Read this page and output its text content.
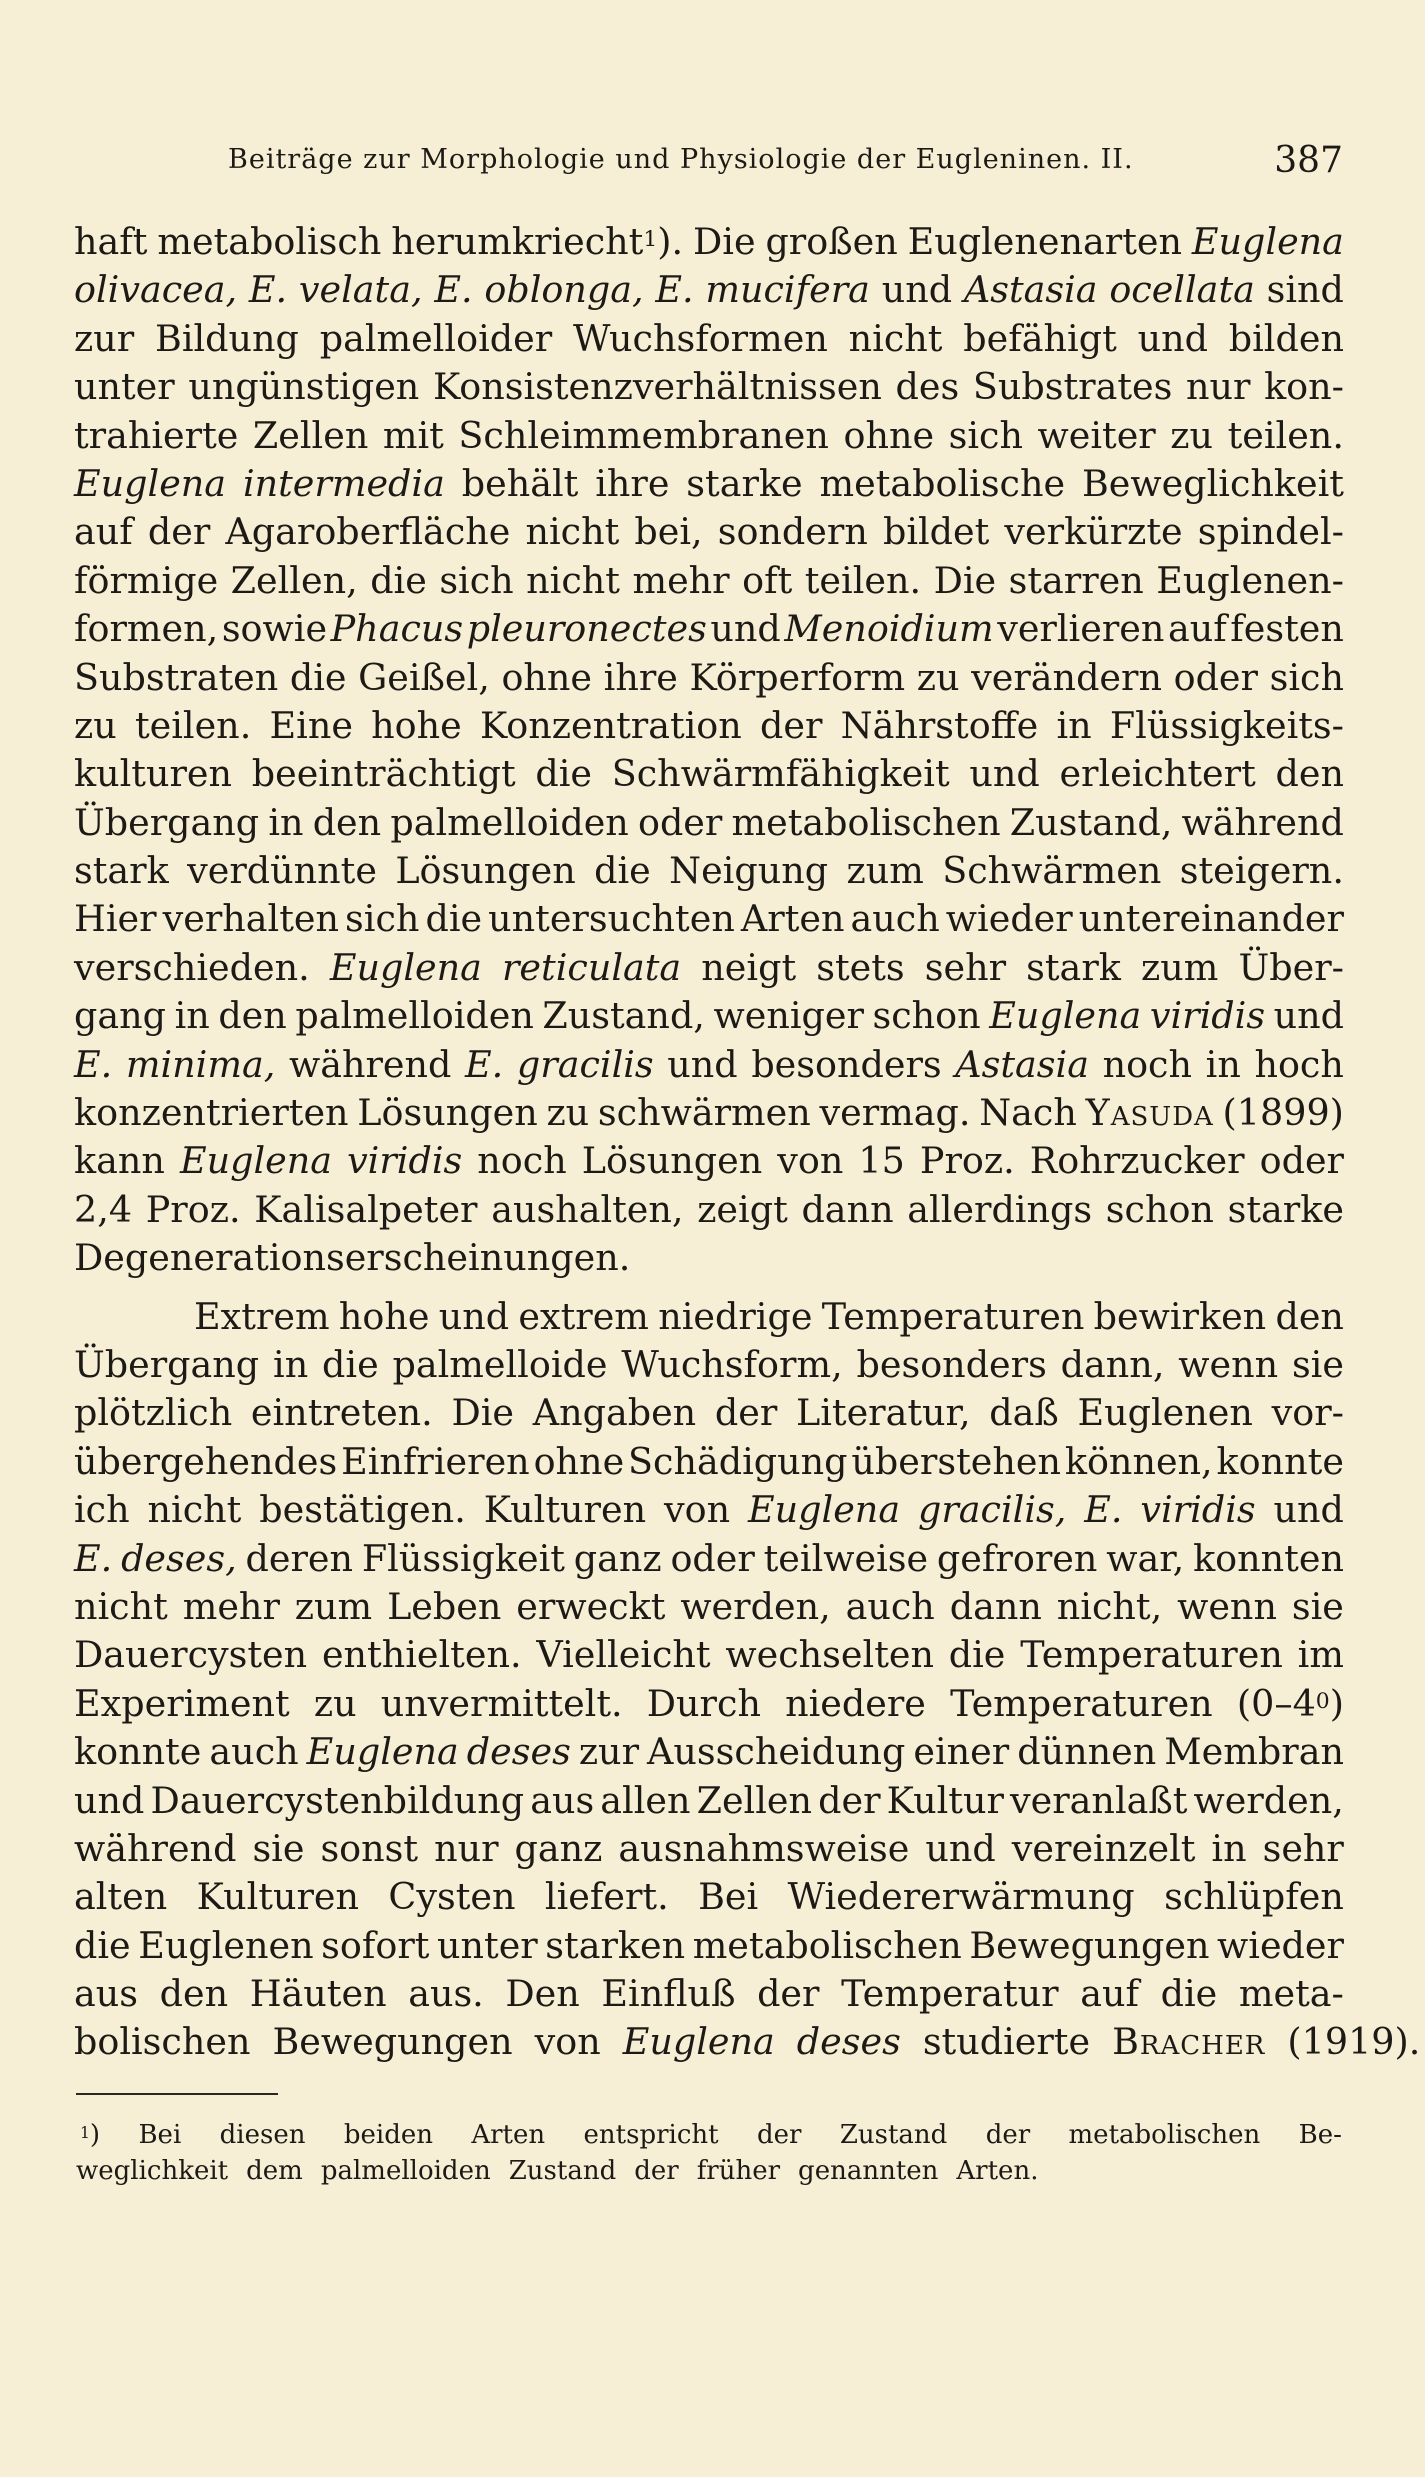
Beiträge zur Morphologie und Physiologie der Eugleninen. II.	387
haft metabolisch herumkriecht$^1$). Die großen Euglenenarten Euglena
olivacea, E. velata, E. oblonga, E. mucifera und Astasia ocellata sind
zur Bildung palmelloider Wuchsformen nicht befähigt und bilden
unter ungünstigen Konsistenzverhältnissen des Substrates nur kon-
trahierte Zellen mit Schleimmembranen ohne sich weiter zu teilen.
Euglena intermedia behält ihre starke metabolische Beweglichkeit
auf der Agaroberfläche nicht bei, sondern bildet verkürzte spindel-
förmige Zellen, die sich nicht mehr oft teilen. Die starren Euglenen-
formen, sowie Phacus pleuronectes und Menoidium verlieren auf festen
Substraten die Geißel, ohne ihre Körperform zu verändern oder sich
zu teilen. Eine hohe Konzentration der Nährstoffe in Flüssigkeits-
kulturen beeinträchtigt die Schwärmfähigkeit und erleichtert den
Übergang in den palmelloiden oder metabolischen Zustand, während
stark verdünnte Lösungen die Neigung zum Schwärmen steigern.
Hier verhalten sich die untersuchten Arten auch wieder untereinander
verschieden. Euglena reticulata neigt stets sehr stark zum Über-
gang in den palmelloiden Zustand, weniger schon Euglena viridis und
E. minima, während E. gracilis und besonders Astasia noch in hoch
konzentrierten Lösungen zu schwärmen vermag. Nach Yasuda (1899)
kann Euglena viridis noch Lösungen von 15 Proz. Rohrzucker oder
2,4 Proz. Kalisalpeter aushalten, zeigt dann allerdings schon starke
Degenerationserscheinungen.
Extrem hohe und extrem niedrige Temperaturen bewirken den
Übergang in die palmelloide Wuchsform, besonders dann, wenn sie
plötzlich eintreten. Die Angaben der Literatur, daß Euglenen vor-
übergehendes Einfrieren ohne Schädigung überstehen können, konnte
ich nicht bestätigen. Kulturen von Euglena gracilis, E. viridis und
E. deses, deren Flüssigkeit ganz oder teilweise gefroren war, konnten
nicht mehr zum Leben erweckt werden, auch dann nicht, wenn sie
Dauercysten enthielten. Vielleicht wechselten die Temperaturen im
Experiment zu unvermittelt. Durch niedere Temperaturen $(0-4^0)$
konnte auch Euglena deses zur Ausscheidung einer dünnen Membran
und Dauercystenbildung aus allen Zellen der Kultur veranlaßt werden,
während sie sonst nur ganz ausnahmsweise und vereinzelt in sehr
alten Kulturen Cysten liefert. Bei Wiedererwärmung schlüpfen
die Euglenen sofort unter starken metabolischen Bewegungen wieder
aus den Häuten aus. Den Einfluß der Temperatur auf die meta-
bolischen Bewegungen von Euglena deses studierte Bracher (1919).
$^1$) Bei diesen beiden Arten entspricht der Zustand der metabolischen Be-
weglichkeit dem palmelloiden Zustand der früher genannten Arten.
